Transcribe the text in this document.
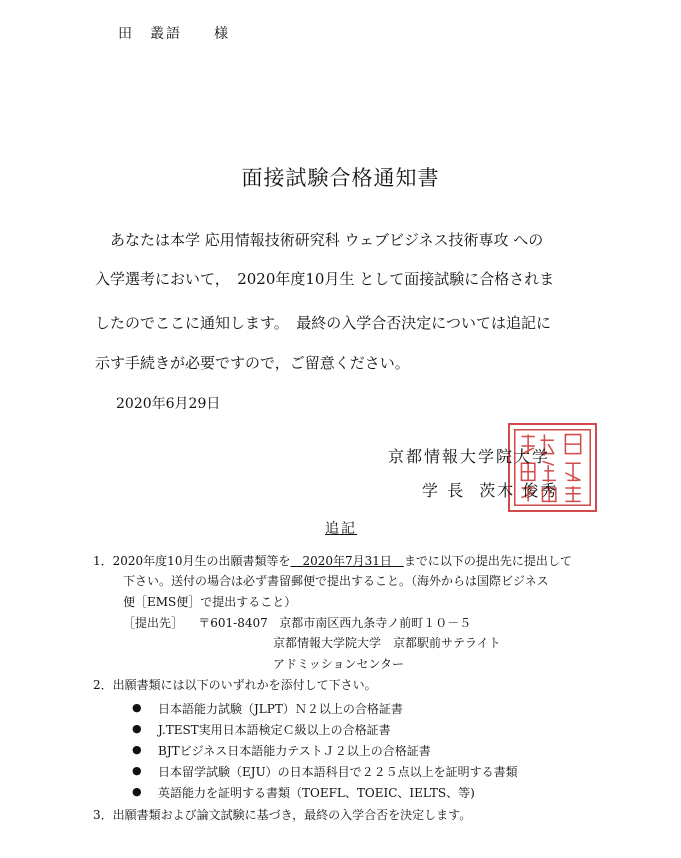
田　叢語　　様
面接試験合格通知書
　あなたは本学 応用情報技術研究科 ウェブビジネス技術専攻 への
入学選考において，　2020年度10月生 として面接試験に合格されま
したのでここに通知します。　最終の入学合否決定については追記に
示す手続きが必要ですので，ご留意ください。
2020年6月29日
京都情報大学院大学
学 長 茨木 俊秀
追記
1．2020年度10月生の出願書類等を　2020年7月31日　までに以下の提出先に提出して
下さい。送付の場合は必ず書留郵便で提出すること。（海外からは国際ビジネス
便［EMS便］で提出すること）
［提出先］ 〒601-8407 京都市南区西九条寺ノ前町１０－５
京都情報大学院大学　京都駅前サテライト
アドミッションセンター
2．出願書類には以下のいずれかを添付して下さい。
● 日本語能力試験（JLPT）Ｎ２以上の合格証書
● J.TEST実用日本語検定Ｃ級以上の合格証書
● BJTビジネス日本語能力テストＪ２以上の合格証書
● 日本留学試験（EJU）の日本語科目で２２５点以上を証明する書類
● 英語能力を証明する書類（TOEFL、TOEIC、IELTS、等)
3．出願書類および論文試験に基づき，最終の入学合否を決定します。
